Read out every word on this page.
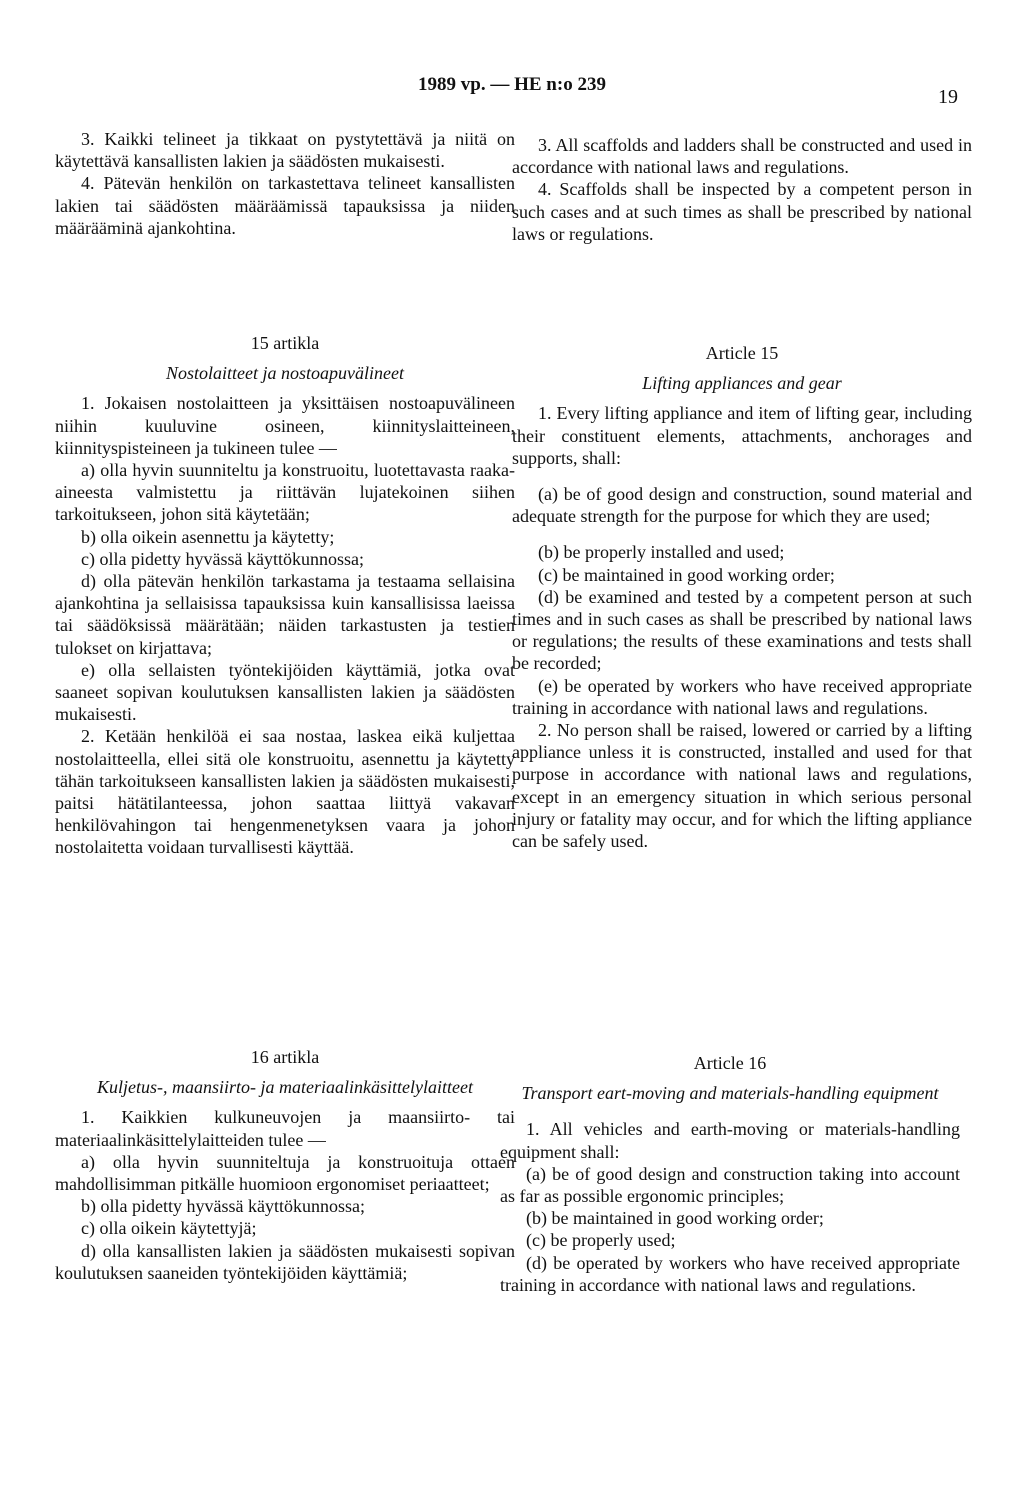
1989 vp. — HE n:o 239
19

3. Kaikki telineet ja tikkaat on pystytettävä ja niitä on käytettävä kansallisten lakien ja säädösten mukaisesti.

4. Pätevän henkilön on tarkastettava telineet kansallisten lakien tai säädösten määräämissä tapauksissa ja niiden määrääminä ajankohtina.

3. All scaffolds and ladders shall be constructed and used in accordance with national laws and regulations.

4. Scaffolds shall be inspected by a competent person in such cases and at such times as shall be prescribed by national laws or regulations.

15 artikla

Nostolaitteet ja nostoapuvälineet

1. Jokaisen nostolaitteen ja yksittäisen nostoapuvälineen niihin kuuluvine osineen, kiinnityslaitteineen, kiinnityspisteineen ja tukineen tulee —

a) olla hyvin suunniteltu ja konstruoitu, luotettavasta raaka-aineesta valmistettu ja riittävän lujatekoinen siihen tarkoitukseen, johon sitä käytetään;

b) olla oikein asennettu ja käytetty;

c) olla pidetty hyvässä käyttökunnossa;

d) olla pätevän henkilön tarkastama ja testaama sellaisina ajankohtina ja sellaisissa tapauksissa kuin kansallisissa laeissa tai säädöksissä määrätään; näiden tarkastusten ja testien tulokset on kirjattava;

e) olla sellaisten työntekijöiden käyttämiä, jotka ovat saaneet sopivan koulutuksen kansallisten lakien ja säädösten mukaisesti.

2. Ketään henkilöä ei saa nostaa, laskea eikä kuljettaa nostolaitteella, ellei sitä ole konstruoitu, asennettu ja käytetty tähän tarkoitukseen kansallisten lakien ja säädösten mukaisesti, paitsi hätätilanteessa, johon saattaa liittyä vakavan henkilövahingon tai hengenmenetyksen vaara ja johon nostolaitetta voidaan turvallisesti käyttää.

Article 15

Lifting appliances and gear

1. Every lifting appliance and item of lifting gear, including their constituent elements, attachments, anchorages and supports, shall:

(a) be of good design and construction, sound material and adequate strength for the purpose for which they are used;

(b) be properly installed and used;

(c) be maintained in good working order;

(d) be examined and tested by a competent person at such times and in such cases as shall be prescribed by national laws or regulations; the results of these examinations and tests shall be recorded;

(e) be operated by workers who have received appropriate training in accordance with national laws and regulations.

2. No person shall be raised, lowered or carried by a lifting appliance unless it is constructed, installed and used for that purpose in accordance with national laws and regulations, except in an emergency situation in which serious personal injury or fatality may occur, and for which the lifting appliance can be safely used.

16 artikla

Kuljetus-, maansiirto- ja materiaalinkäsittelylaitteet

1. Kaikkien kulkuneuvojen ja maansiirto- tai materiaalinkäsittelylaitteiden tulee —

a) olla hyvin suunniteltuja ja konstruoituja ottaen mahdollisimman pitkälle huomioon ergonomiset periaatteet;

b) olla pidetty hyvässä käyttökunnossa;

c) olla oikein käytettyjä;

d) olla kansallisten lakien ja säädösten mukaisesti sopivan koulutuksen saaneiden työntekijöiden käyttämiä;

Article 16

Transport eart-moving and materials-handling equipment

1. All vehicles and earth-moving or materials-handling equipment shall:

(a) be of good design and construction taking into account as far as possible ergonomic principles;

(b) be maintained in good working order;

(c) be properly used;

(d) be operated by workers who have received appropriate training in accordance with national laws and regulations.
